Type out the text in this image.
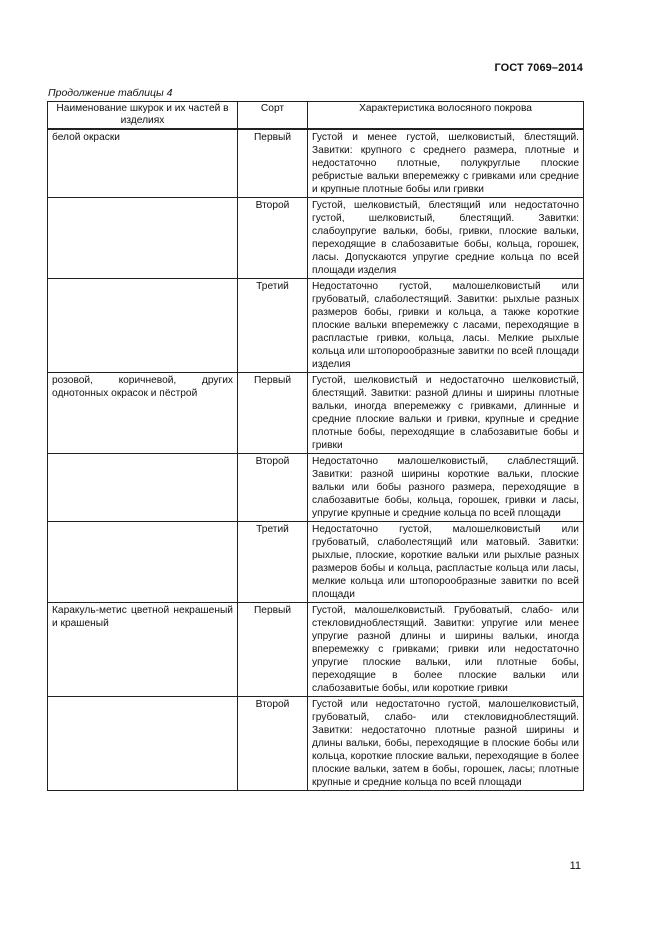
ГОСТ 7069–2014
Продолжение таблицы 4
Наименование шкурок и их частей в изделиях	Сорт	Характеристика волосяного покрова
белой окраски	Первый	Густой и менее густой, шелковистый, блестящий. Завитки: крупного с среднего размера, плотные и недостаточно плотные, полукруглые плоские ребристые вальки вперемежку с гривками или средние и крупные плотные бобы или гривки
	Второй	Густой, шелковистый, блестящий или недостаточно густой, шелковистый, блестящий. Завитки: слабоупругие вальки, бобы, гривки, плоские вальки, переходящие в слабозавитые бобы, кольца, горошек, ласы. Допускаются упругие средние кольца по всей площади изделия
	Третий	Недостаточно густой, малошелковистый или грубоватый, слаболестящий. Завитки: рыхлые разных размеров бобы, гривки и кольца, а также короткие плоские вальки вперемежку с ласами, переходящие в распластые гривки, кольца, ласы. Мелкие рыхлые кольца или штопорообразные завитки по всей площади изделия
розовой, коричневой, других однотонных окрасок и пёстрой	Первый	Густой, шелковистый и недостаточно шелковистый, блестящий. Завитки: разной длины и ширины плотные вальки, иногда вперемежку с гривками, длинные и средние плоские вальки и гривки, крупные и средние плотные бобы, переходящие в слабозавитые бобы и гривки
	Второй	Недостаточно малошелковистый, слаблестящий. Завитки: разной ширины короткие вальки, плоские вальки или бобы разного размера, переходящие в слабозавитые бобы, кольца, горошек, гривки и ласы, упругие крупные и средние кольца по всей площади
	Третий	Недостаточно густой, малошелковистый или грубоватый, слаболестящий или матовый. Завитки: рыхлые, плоские, короткие вальки или рыхлые разных размеров бобы и кольца, распластые кольца или ласы, мелкие кольца или штопорообразные завитки по всей площади
Каракуль-метис цветной некрашеный и крашеный	Первый	Густой, малошелковистый. Грубоватый, слабо- или стекловидноблестящий. Завитки: упругие или менее упругие разной длины и ширины вальки, иногда вперемежку с гривками; гривки или недостаточно упругие плоские вальки, или плотные бобы, переходящие в более плоские вальки или слабозавитые бобы, или короткие гривки
	Второй	Густой или недостаточно густой, малошелковистый, грубоватый, слабо- или стекловидноблестящий. Завитки: недостаточно плотные разной ширины и длины вальки, бобы, переходящие в плоские бобы или кольца, короткие плоские вальки, переходящие в более плоские вальки, затем в бобы, горошек, ласы; плотные крупные и средние кольца по всей площади
11
